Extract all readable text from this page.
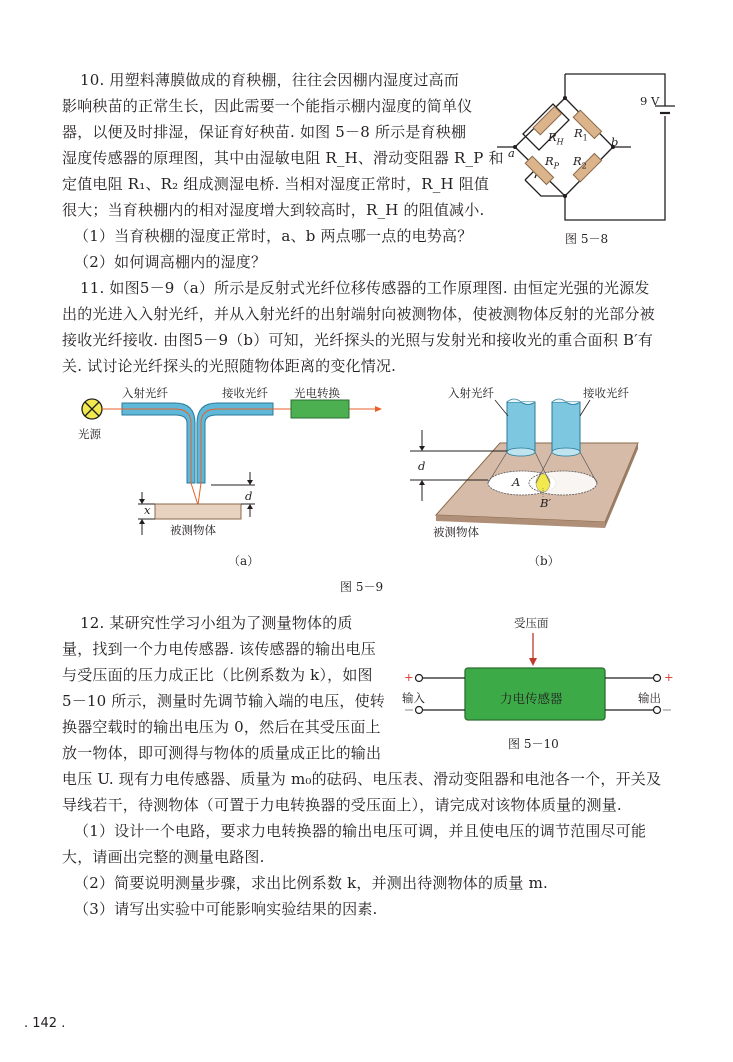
10. 用塑料薄膜做成的育秧棚，往往会因棚内湿度过高而
影响秧苗的正常生长，因此需要一个能指示棚内湿度的简单仪
器，以便及时排湿，保证育好秧苗. 如图 5－8 所示是育秧棚
湿度传感器的原理图，其中由湿敏电阻 R_H、滑动变阻器 R_P 和
定值电阻 R₁、R₂ 组成测湿电桥. 当相对湿度正常时，R_H 阻值
很大；当育秧棚内的相对湿度增大到较高时，R_H 的阻值减小.
（1）当育秧棚的湿度正常时，a、b 两点哪一点的电势高？
（2）如何调高棚内的湿度？
9 V
$R_H$
$R_1$
$R_P$ $R_2$
a
b
图 5－8
11. 如图5－9（a）所示是反射式光纤位移传感器的工作原理图. 由恒定光强的光源发
出的光进入入射光纤，并从入射光纤的出射端射向被测物体，使被测物体反射的光部分被
接收光纤接收. 由图5－9（b）可知，光纤探头的光照与发射光和接收光的重合面积 B′有
关. 试讨论光纤探头的光照随物体距离的变化情况.
入射光纤	接收光纤 光电转换
光源
d
x
被测物体
（a）
入射光纤	接收光纤
d
A
B′
被测物体
（b）
图 5－9
12. 某研究性学习小组为了测量物体的质
量，找到一个力电传感器. 该传感器的输出电压
与受压面的压力成正比（比例系数为 k），如图
5－10 所示，测量时先调节输入端的电压，使转
换器空载时的输出电压为 0，然后在其受压面上
放一物体，即可测得与物体的质量成正比的输出
电压 U. 现有力电传感器、质量为 m₀的砝码、电压表、滑动变阻器和电池各一个，开关及
导线若干，待测物体（可置于力电转换器的受压面上），请完成对该物体质量的测量.
（1）设计一个电路，要求力电转换器的输出电压可调，并且使电压的调节范围尽可能
大，请画出完整的测量电路图.
（2）简要说明测量步骤，求出比例系数 k，并测出待测物体的质量 m.
（3）请写出实验中可能影响实验结果的因素.
受压面
力电传感器
+	+
输入	输出
图 5－10
. 142 .
